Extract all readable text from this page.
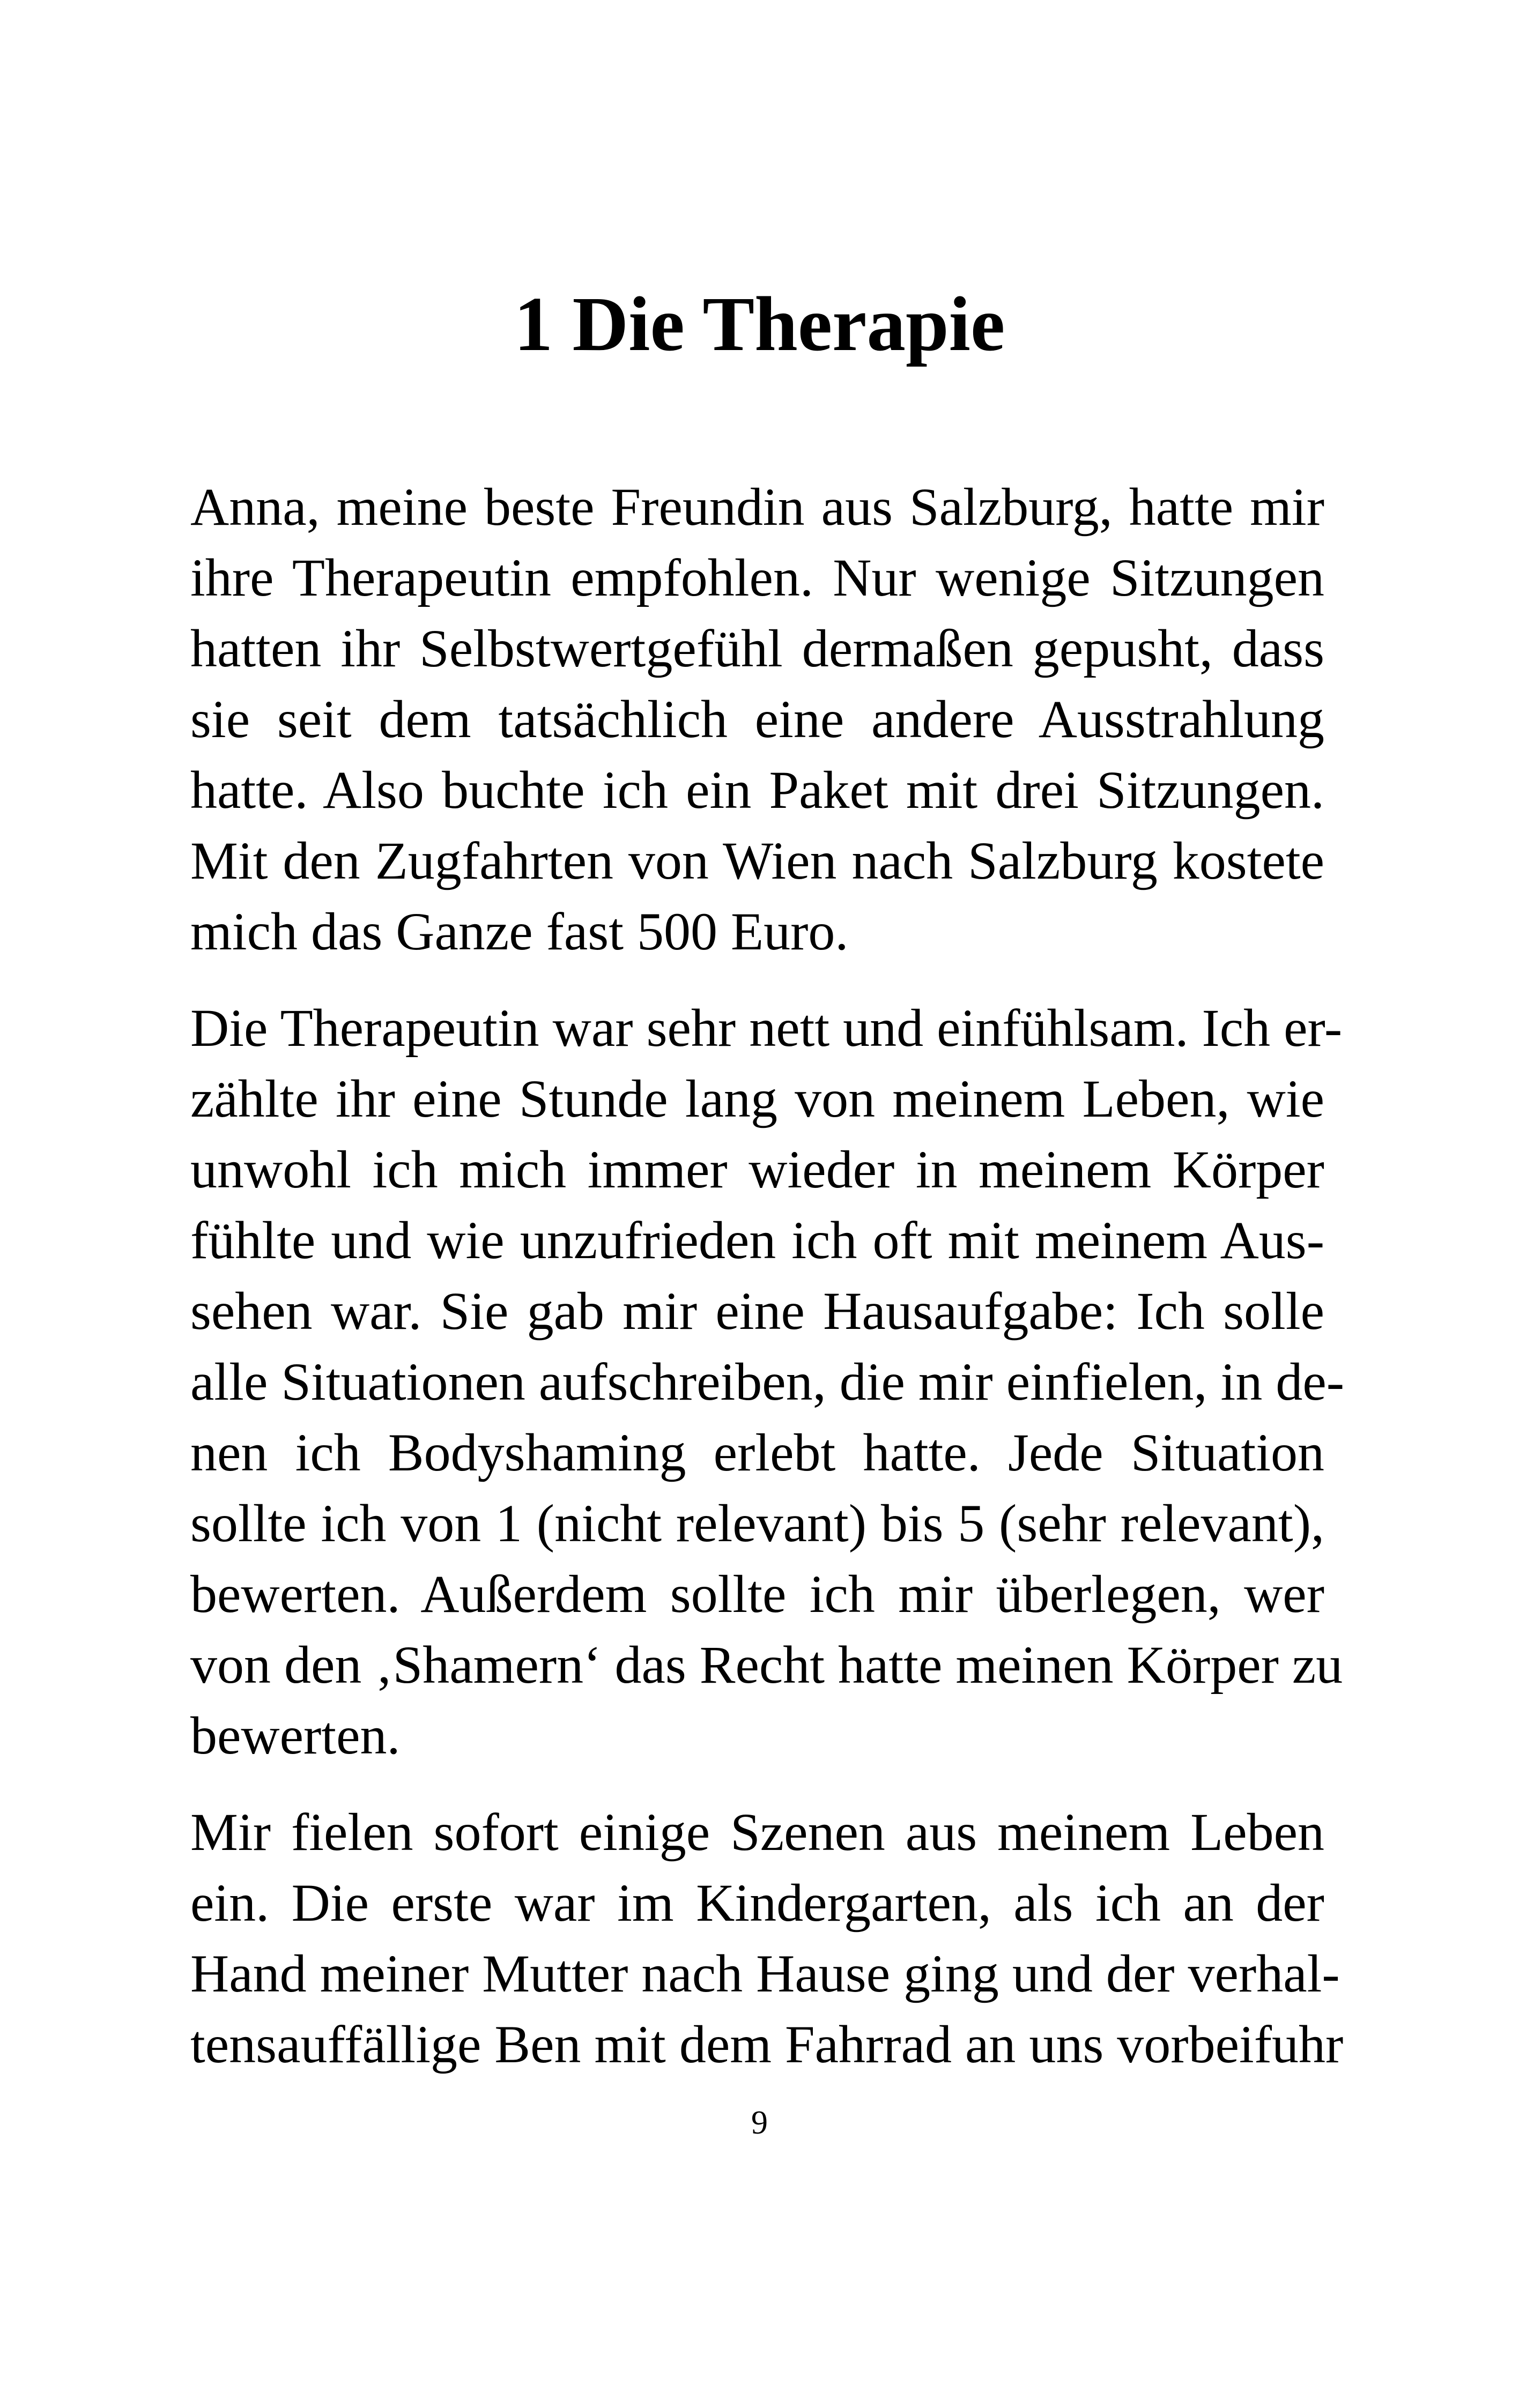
1 Die Therapie

Anna, meine beste Freundin aus Salzburg, hatte mir
ihre Therapeutin empfohlen. Nur wenige Sitzungen
hatten ihr Selbstwertgefühl dermaßen gepusht, dass
sie seit dem tatsächlich eine andere Ausstrahlung
hatte. Also buchte ich ein Paket mit drei Sitzungen.
Mit den Zugfahrten von Wien nach Salzburg kostete
mich das Ganze fast 500 Euro.

Die Therapeutin war sehr nett und einfühlsam. Ich er-
zählte ihr eine Stunde lang von meinem Leben, wie
unwohl ich mich immer wieder in meinem Körper
fühlte und wie unzufrieden ich oft mit meinem Aus-
sehen war. Sie gab mir eine Hausaufgabe: Ich solle
alle Situationen aufschreiben, die mir einfielen, in de-
nen ich Bodyshaming erlebt hatte. Jede Situation
sollte ich von 1 (nicht relevant) bis 5 (sehr relevant),
bewerten. Außerdem sollte ich mir überlegen, wer
von den ‚Shamern‘ das Recht hatte meinen Körper zu
bewerten.

Mir fielen sofort einige Szenen aus meinem Leben
ein. Die erste war im Kindergarten, als ich an der
Hand meiner Mutter nach Hause ging und der verhal-
tensauffällige Ben mit dem Fahrrad an uns vorbeifuhr

9
